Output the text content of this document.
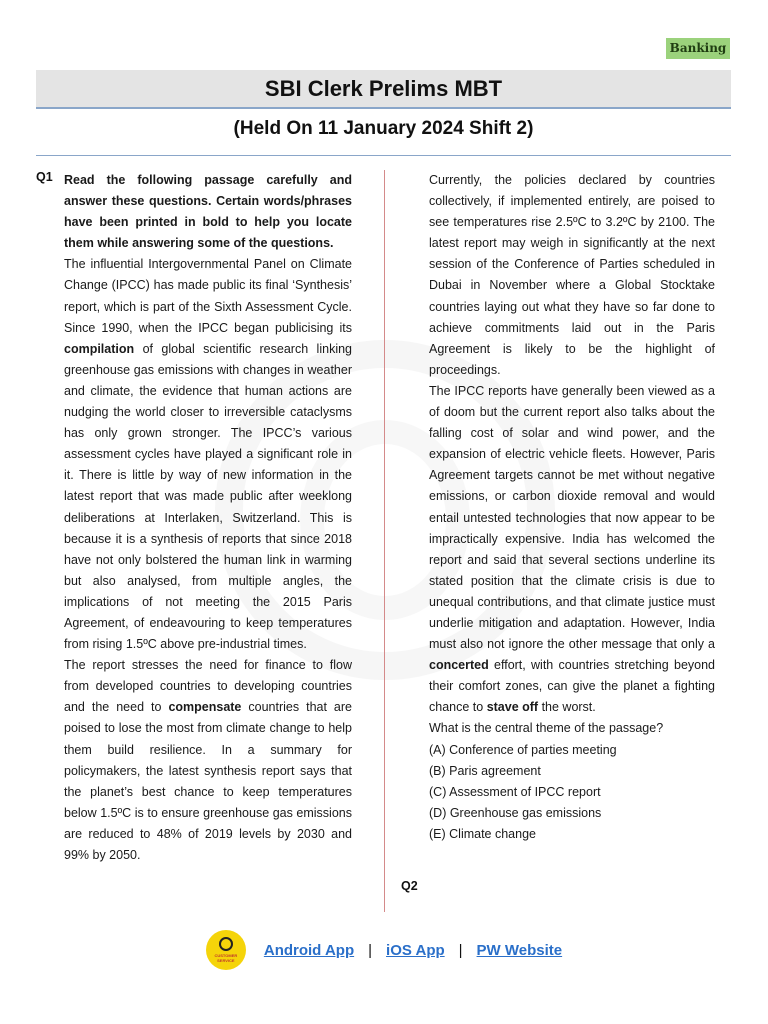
Banking
SBI Clerk Prelims MBT
(Held On 11 January 2024 Shift 2)
Q1 Read the following passage carefully and answer these questions. Certain words/phrases have been printed in bold to help you locate them while answering some of the questions.

The influential Intergovernmental Panel on Climate Change (IPCC) has made public its final ‘Synthesis’ report, which is part of the Sixth Assessment Cycle. Since 1990, when the IPCC began publicising its compilation of global scientific research linking greenhouse gas emissions with changes in weather and climate, the evidence that human actions are nudging the world closer to irreversible cataclysms has only grown stronger. The IPCC’s various assessment cycles have played a significant role in it. There is little by way of new information in the latest report that was made public after weeklong deliberations at Interlaken, Switzerland. This is because it is a synthesis of reports that since 2018 have not only bolstered the human link in warming but also analysed, from multiple angles, the implications of not meeting the 2015 Paris Agreement, of endeavouring to keep temperatures from rising 1.5ºC above pre-industrial times.

The report stresses the need for finance to flow from developed countries to developing countries and the need to compensate countries that are poised to lose the most from climate change to help them build resilience. In a summary for policymakers, the latest synthesis report says that the planet’s best chance to keep temperatures below 1.5ºC is to ensure greenhouse gas emissions are reduced to 48% of 2019 levels by 2030 and 99% by 2050.

Currently, the policies declared by countries collectively, if implemented entirely, are poised to see temperatures rise 2.5ºC to 3.2ºC by 2100. The latest report may weigh in significantly at the next session of the Conference of Parties scheduled in Dubai in November where a Global Stocktake countries laying out what they have so far done to achieve commitments laid out in the Paris Agreement is likely to be the highlight of proceedings.

The IPCC reports have generally been viewed as a of doom but the current report also talks about the falling cost of solar and wind power, and the expansion of electric vehicle fleets. However, Paris Agreement targets cannot be met without negative emissions, or carbon dioxide removal and would entail untested technologies that now appear to be impractically expensive. India has welcomed the report and said that several sections underline its stated position that the climate crisis is due to unequal contributions, and that climate justice must underlie mitigation and adaptation. However, India must also not ignore the other message that only a concerted effort, with countries stretching beyond their comfort zones, can give the planet a fighting chance to stave off the worst.

What is the central theme of the passage?

(A) Conference of parties meeting
(B) Paris agreement
(C) Assessment of IPCC report
(D) Greenhouse gas emissions
(E) Climate change
Q2
CUSTOMER SERVICE
Android App | iOS App | PW Website
